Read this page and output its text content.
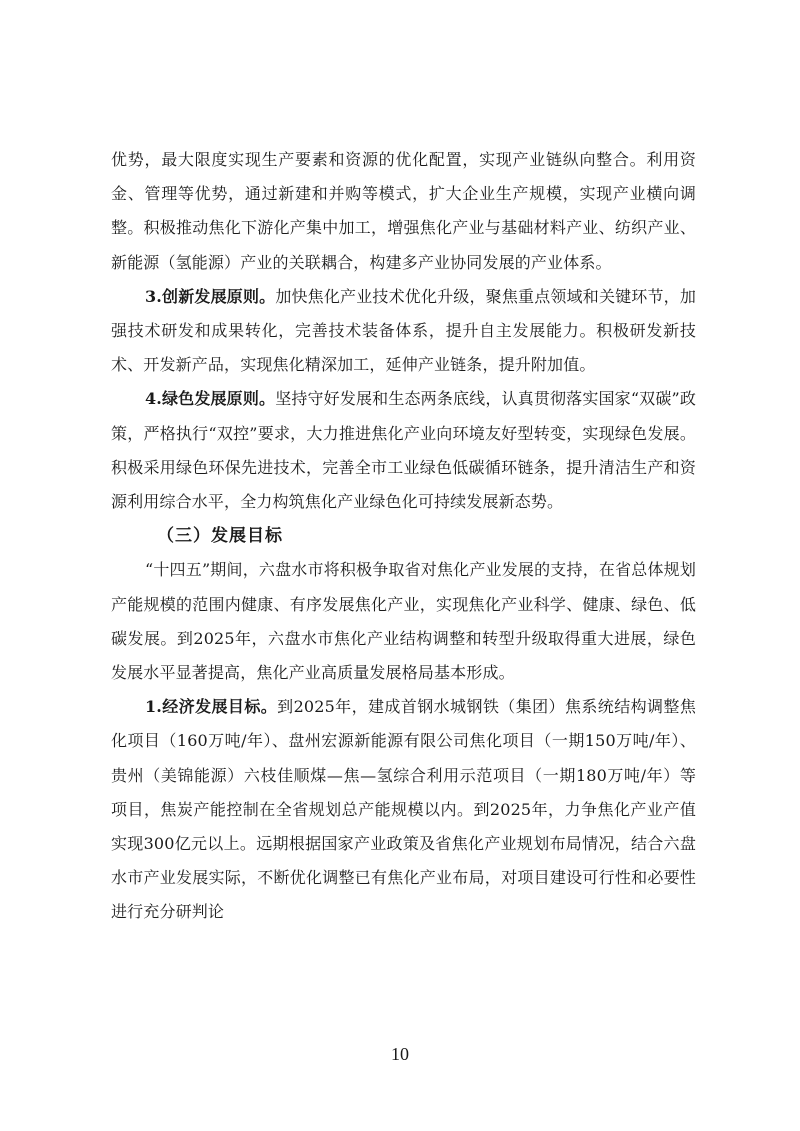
优势，最大限度实现生产要素和资源的优化配置，实现产业链纵向整合。利用资金、管理等优势，通过新建和并购等模式，扩大企业生产规模，实现产业横向调整。积极推动焦化下游化产集中加工，增强焦化产业与基础材料产业、纺织产业、新能源（氢能源）产业的关联耦合，构建多产业协同发展的产业体系。

3.创新发展原则。加快焦化产业技术优化升级，聚焦重点领域和关键环节，加强技术研发和成果转化，完善技术装备体系，提升自主发展能力。积极研发新技术、开发新产品，实现焦化精深加工，延伸产业链条，提升附加值。

4.绿色发展原则。坚持守好发展和生态两条底线，认真贯彻落实国家“双碳”政策，严格执行“双控”要求，大力推进焦化产业向环境友好型转变，实现绿色发展。积极采用绿色环保先进技术，完善全市工业绿色低碳循环链条，提升清洁生产和资源利用综合水平，全力构筑焦化产业绿色化可持续发展新态势。

（三）发展目标

“十四五”期间，六盘水市将积极争取省对焦化产业发展的支持，在省总体规划产能规模的范围内健康、有序发展焦化产业，实现焦化产业科学、健康、绿色、低碳发展。到2025年，六盘水市焦化产业结构调整和转型升级取得重大进展，绿色发展水平显著提高，焦化产业高质量发展格局基本形成。

1.经济发展目标。到2025年，建成首钢水城钢铁（集团）焦系统结构调整焦化项目（160万吨/年）、盘州宏源新能源有限公司焦化项目（一期150万吨/年）、贵州（美锦能源）六枝佳顺煤—焦—氢综合利用示范项目（一期180万吨/年）等项目，焦炭产能控制在全省规划总产能规模以内。到2025年，力争焦化产业产值实现300亿元以上。远期根据国家产业政策及省焦化产业规划布局情况，结合六盘水市产业发展实际，不断优化调整已有焦化产业布局，对项目建设可行性和必要性进行充分研判论

10
